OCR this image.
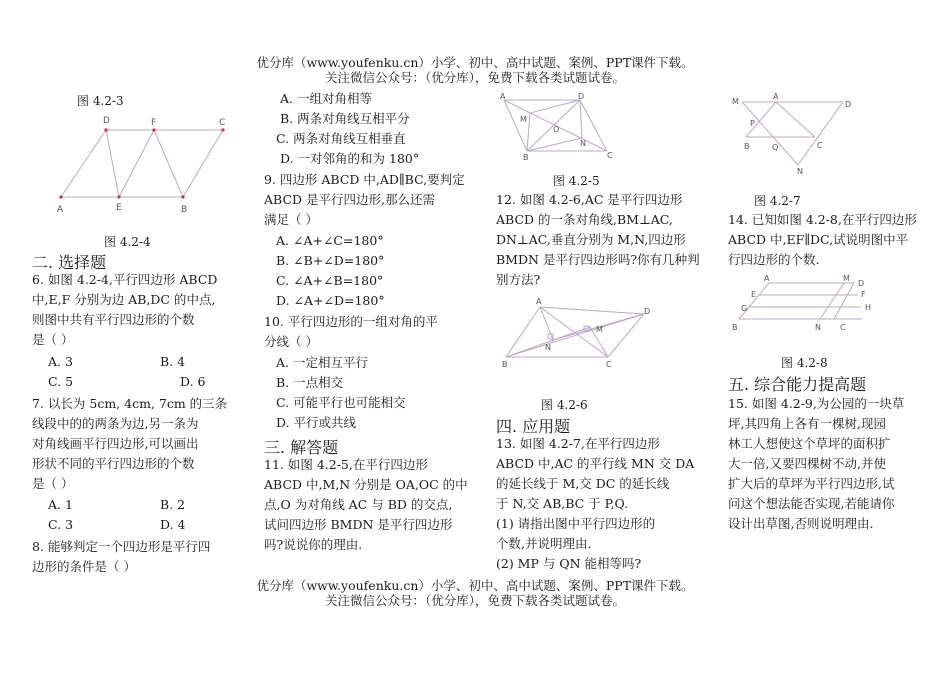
优分库（www.youfenku.cn）小学、初中、高中试题、案例、PPT课件下载。
关注微信公众号：（优分库），免费下载各类试题试卷。
图 4.2-3
D	F	C
A	E	B
图 4.2-4
二. 选择题
6. 如图 4.2-4,平行四边形 ABCD
中,E,F 分别为边 AB,DC 的中点,
则图中共有平行四边形的个数
是（ ）
A. 3	B. 4
C. 5	D. 6
7. 以长为 5cm, 4cm, 7cm 的三条
线段中的的两条为边,另一条为
对角线画平行四边形,可以画出
形状不同的平行四边形的个数
是（ ）
A. 1	B. 2
C. 3	D. 4
8. 能够判定一个四边形是平行四
边形的条件是（ ）
A. 一组对角相等
B. 两条对角线互相平分
C. 两条对角线互相垂直
D. 一对邻角的和为 180°
9. 四边形 ABCD 中,AD∥BC,要判定
ABCD 是平行四边形,那么还需
满足（ ）
A. ∠A+∠C=180°
B. ∠B+∠D=180°
C. ∠A+∠B=180°
D. ∠A+∠D=180°
10. 平行四边形的一组对角的平
分线（ ）
A. 一定相互平行
B. 一点相交
C. 可能平行也可能相交
D. 平行或共线
三. 解答题
11. 如图 4.2-5,在平行四边形
ABCD 中,M,N 分别是 OA,OC 的中
点,O 为对角线 AC 与 BD 的交点,
试问四边形 BMDN 是平行四边形
吗?说说你的理由.
A	D
M
O
N
B	C
图 4.2-5
12. 如图 4.2-6,AC 是平行四边形
ABCD 的一条对角线,BM⊥AC,
DN⊥AC,垂直分别为 M,N,四边形
BMDN 是平行四边形吗?你有几种判
别方法?
A
D
M
N
B	C
图 4.2-6
四. 应用题
13. 如图 4.2-7,在平行四边形
ABCD 中,AC 的平行线 MN 交 DA
的延长线于 M,交 DC 的延长线
于 N,交 AB,BC 于 P,Q.
(1) 请指出图中平行四边形的
个数,并说明理由.
(2) MP 与 QN 能相等吗?
M
A
D
P
B	Q	C
N
图 4.2-7
14. 已知如图 4.2-8,在平行四边形
ABCD 中,EF∥DC,试说明图中平
行四边形的个数.
A	M
D
E	F
G
B	N
H
C
图 4.2-8
五. 综合能力提高题
15. 如图 4.2-9,为公园的一块草
坪,其四角上各有一棵树,现园
林工人想使这个草坪的面积扩
大一倍,又要四棵树不动,并使
扩大后的草坪为平行四边形,试
问这个想法能否实现,若能请你
设计出草图,否则说明理由.
优分库（www.youfenku.cn）小学、初中、高中试题、案例、PPT课件下载。
关注微信公众号：（优分库），免费下载各类试题试卷。
